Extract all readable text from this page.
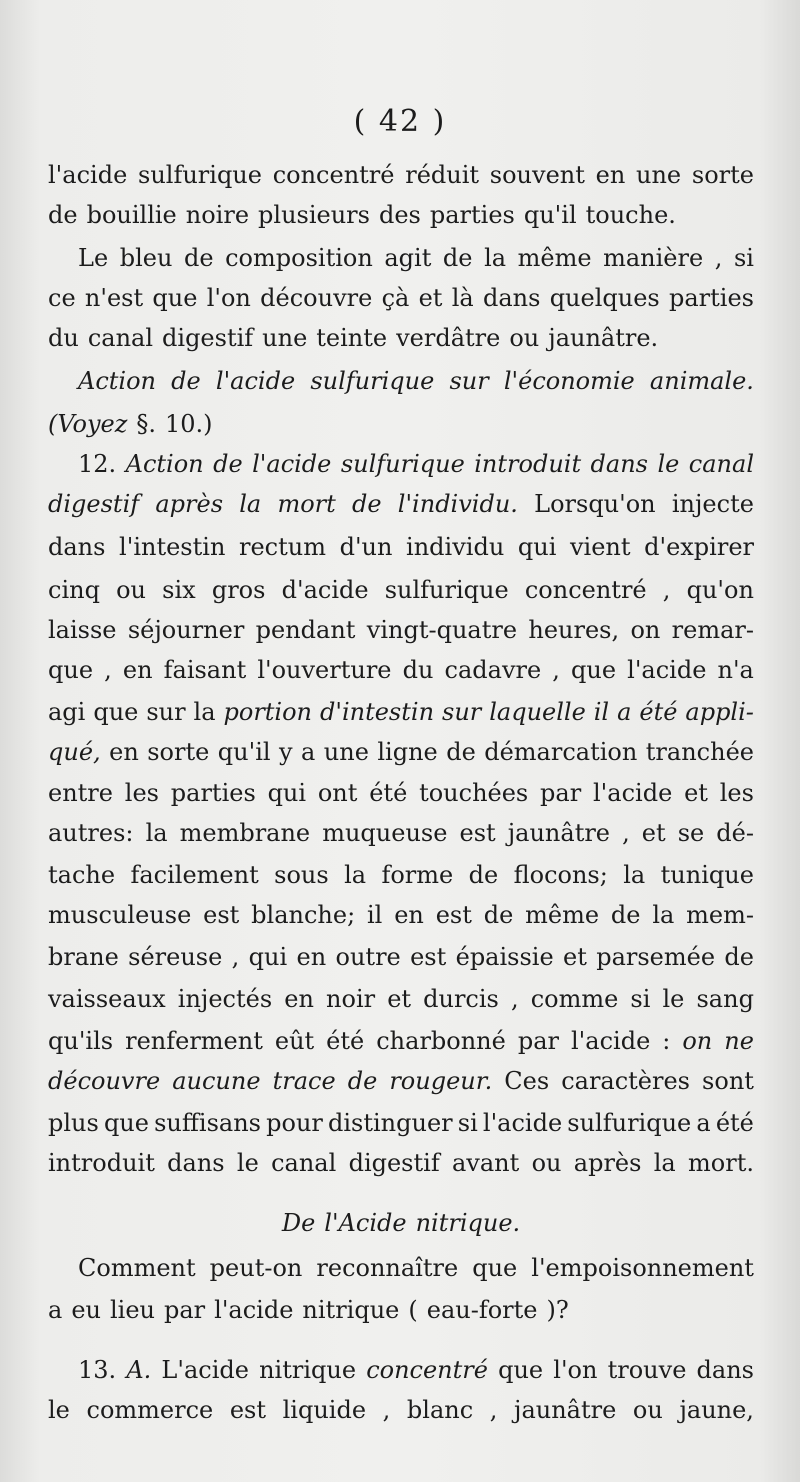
( 42 )
l'acide sulfurique concentré réduit souvent en une sorte
de bouillie noire plusieurs des parties qu'il touche.
Le bleu de composition agit de la même manière , si
ce n'est que l'on découvre çà et là dans quelques parties
du canal digestif une teinte verdâtre ou jaunâtre.
Action de l'acide sulfurique sur l'économie animale.
(Voyez §. 10.)
12. Action de l'acide sulfurique introduit dans le canal
digestif après la mort de l'individu. Lorsqu'on injecte
dans l'intestin rectum d'un individu qui vient d'expirer
cinq ou six gros d'acide sulfurique concentré , qu'on
laisse séjourner pendant vingt-quatre heures, on remar-
que , en faisant l'ouverture du cadavre , que l'acide n'a
agi que sur la portion d'intestin sur laquelle il a été appli-
qué, en sorte qu'il y a une ligne de démarcation tranchée
entre les parties qui ont été touchées par l'acide et les
autres: la membrane muqueuse est jaunâtre , et se dé-
tache facilement sous la forme de flocons; la tunique
musculeuse est blanche; il en est de même de la mem-
brane séreuse , qui en outre est épaissie et parsemée de
vaisseaux injectés en noir et durcis , comme si le sang
qu'ils renferment eût été charbonné par l'acide : on ne
découvre aucune trace de rougeur. Ces caractères sont
plus que suffisans pour distinguer si l'acide sulfurique a été
introduit dans le canal digestif avant ou après la mort.
De l'Acide nitrique.
Comment peut-on reconnaître que l'empoisonnement
a eu lieu par l'acide nitrique ( eau-forte )?
13. A. L'acide nitrique concentré que l'on trouve dans
le commerce est liquide , blanc , jaunâtre ou jaune,
